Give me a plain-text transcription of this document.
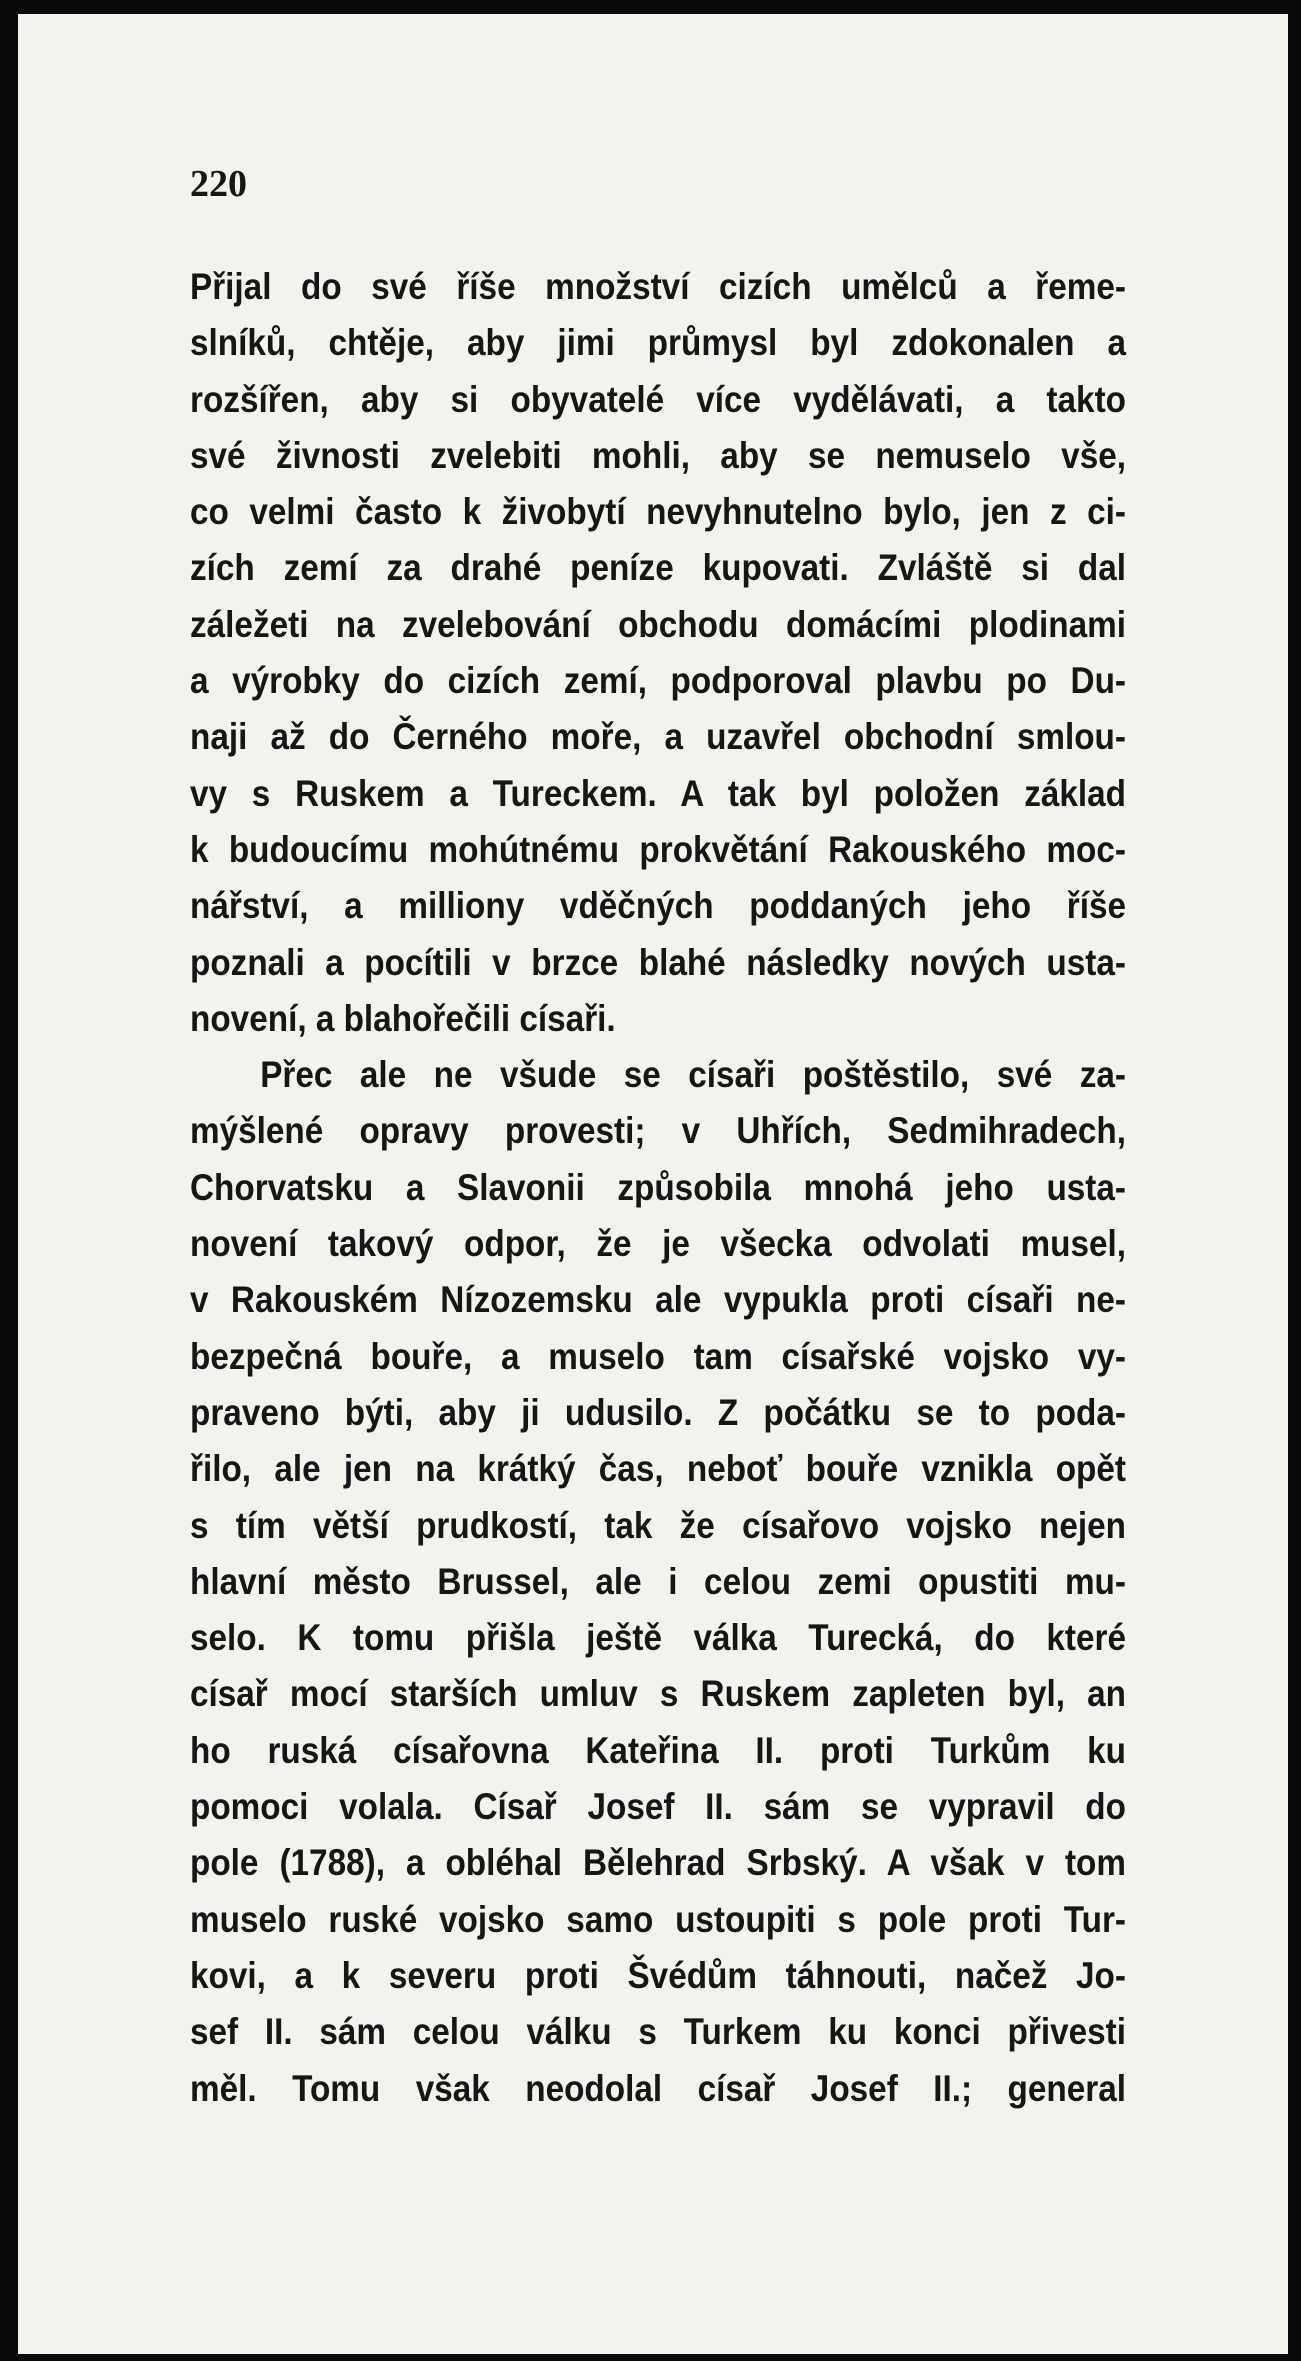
220

Přijal do své říše množství cizích umělců a řeme-
slníků, chtěje, aby jimi průmysl byl zdokonalen a
rozšířen, aby si obyvatelé více vydělávati, a takto
své živnosti zvelebiti mohli, aby se nemuselo vše,
co velmi často k živobytí nevyhnutelno bylo, jen z ci-
zích zemí za drahé peníze kupovati. Zvláště si dal
záležeti na zvelebování obchodu domácími plodinami
a výrobky do cizích zemí, podporoval plavbu po Du-
naji až do Černého moře, a uzavřel obchodní smlou-
vy s Ruskem a Tureckem. A tak byl položen základ
k budoucímu mohútnému prokvětání Rakouského moc-
nářství, a milliony vděčných poddaných jeho říše
poznali a pocítili v brzce blahé následky nových usta-
novení, a blahořečili císaři.
Přec ale ne všude se císaři poštěstilo, své za-
mýšlené opravy provesti; v Uhřích, Sedmihradech,
Chorvatsku a Slavonii způsobila mnohá jeho usta-
novení takový odpor, že je všecka odvolati musel,
v Rakouském Nízozemsku ale vypukla proti císaři ne-
bezpečná bouře, a muselo tam císařské vojsko vy-
praveno býti, aby ji udusilo. Z počátku se to poda-
řilo, ale jen na krátký čas, neboť bouře vznikla opět
s tím větší prudkostí, tak že císařovo vojsko nejen
hlavní město Brussel, ale i celou zemi opustiti mu-
selo. K tomu přišla ještě válka Turecká, do které
císař mocí starších umluv s Ruskem zapleten byl, an
ho ruská císařovna Kateřina II. proti Turkům ku
pomoci volala. Císař Josef II. sám se vypravil do
pole (1788), a obléhal Bělehrad Srbský. A však v tom
muselo ruské vojsko samo ustoupiti s pole proti Tur-
kovi, a k severu proti Švédům táhnouti, načež Jo-
sef II. sám celou válku s Turkem ku konci přivesti
měl. Tomu však neodolal císař Josef II.; general
